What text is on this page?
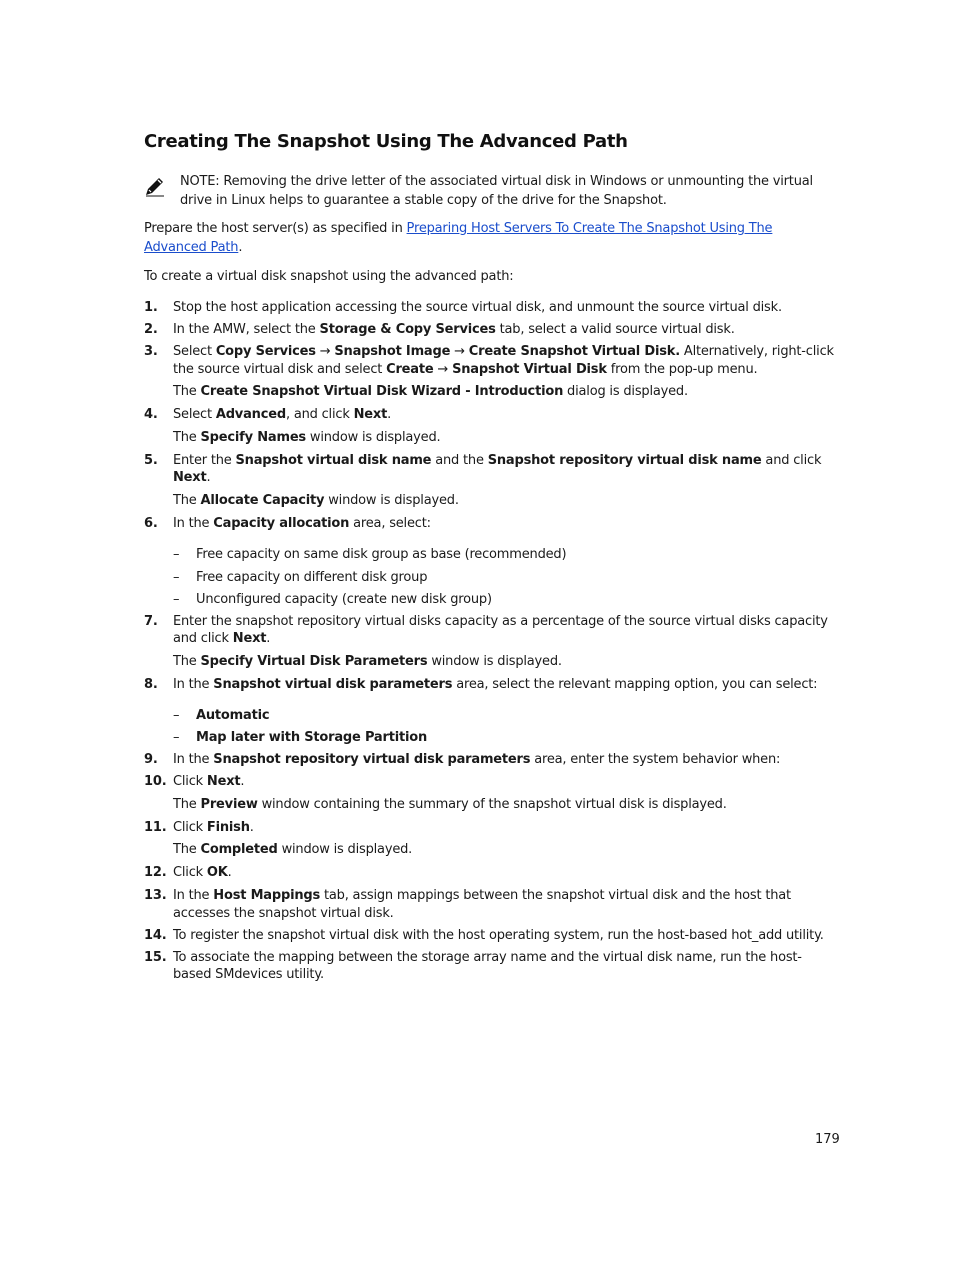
Creating The Snapshot Using The Advanced Path
NOTE: Removing the drive letter of the associated virtual disk in Windows or unmounting the virtual drive in Linux helps to guarantee a stable copy of the drive for the Snapshot.

Prepare the host server(s) as specified in Preparing Host Servers To Create The Snapshot Using The Advanced Path.

To create a virtual disk snapshot using the advanced path:

1. Stop the host application accessing the source virtual disk, and unmount the source virtual disk.
2. In the AMW, select the Storage & Copy Services tab, select a valid source virtual disk.
3. Select Copy Services → Snapshot Image → Create Snapshot Virtual Disk. Alternatively, right-click the source virtual disk and select Create → Snapshot Virtual Disk from the pop-up menu.
The Create Snapshot Virtual Disk Wizard - Introduction dialog is displayed.
4. Select Advanced, and click Next.
The Specify Names window is displayed.
5. Enter the Snapshot virtual disk name and the Snapshot repository virtual disk name and click Next.
The Allocate Capacity window is displayed.
6. In the Capacity allocation area, select:
– Free capacity on same disk group as base (recommended)
– Free capacity on different disk group
– Unconfigured capacity (create new disk group)
7. Enter the snapshot repository virtual disks capacity as a percentage of the source virtual disks capacity and click Next.
The Specify Virtual Disk Parameters window is displayed.
8. In the Snapshot virtual disk parameters area, select the relevant mapping option, you can select:
– Automatic
– Map later with Storage Partition
9. In the Snapshot repository virtual disk parameters area, enter the system behavior when:
10. Click Next.
The Preview window containing the summary of the snapshot virtual disk is displayed.
11. Click Finish.
The Completed window is displayed.
12. Click OK.
13. In the Host Mappings tab, assign mappings between the snapshot virtual disk and the host that accesses the snapshot virtual disk.
14. To register the snapshot virtual disk with the host operating system, run the host-based hot_add utility.
15. To associate the mapping between the storage array name and the virtual disk name, run the host-based SMdevices utility.
179
